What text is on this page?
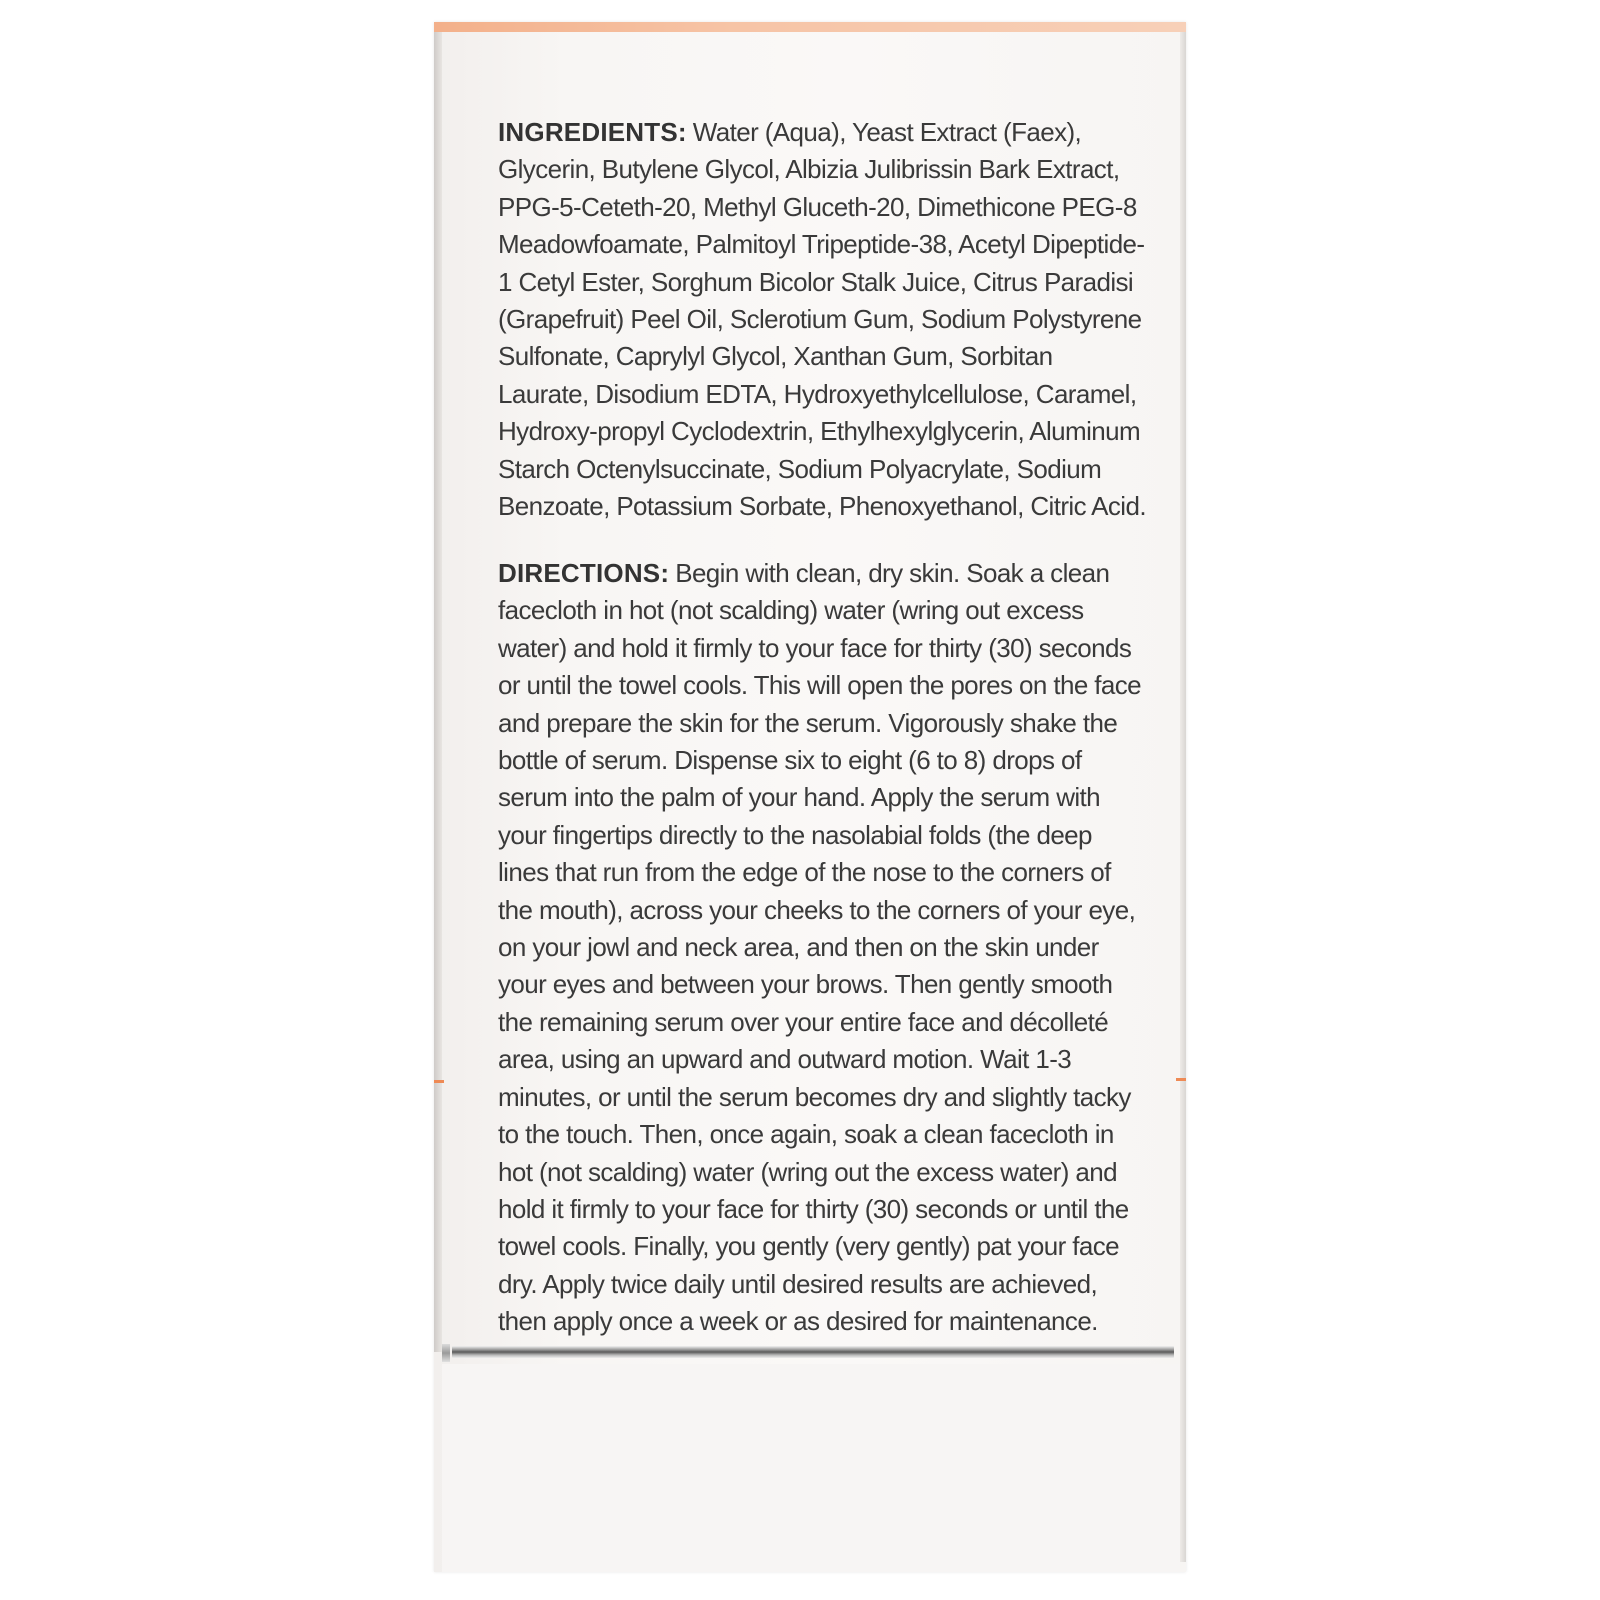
INGREDIENTS: Water (Aqua), Yeast Extract (Faex), Glycerin, Butylene Glycol, Albizia Julibrissin Bark Extract, PPG-5-Ceteth-20, Methyl Gluceth-20, Dimethicone PEG-8 Meadowfoamate, Palmitoyl Tripeptide-38, Acetyl Dipeptide-1 Cetyl Ester, Sorghum Bicolor Stalk Juice, Citrus Paradisi (Grapefruit) Peel Oil, Sclerotium Gum, Sodium Polystyrene Sulfonate, Caprylyl Glycol, Xanthan Gum, Sorbitan Laurate, Disodium EDTA, Hydroxyethylcellulose, Caramel, Hydroxy-propyl Cyclodextrin, Ethylhexylglycerin, Aluminum Starch Octenylsuccinate, Sodium Polyacrylate, Sodium Benzoate, Potassium Sorbate, Phenoxyethanol, Citric Acid.
DIRECTIONS: Begin with clean, dry skin. Soak a clean facecloth in hot (not scalding) water (wring out excess water) and hold it firmly to your face for thirty (30) seconds or until the towel cools. This will open the pores on the face and prepare the skin for the serum. Vigorously shake the bottle of serum. Dispense six to eight (6 to 8) drops of serum into the palm of your hand. Apply the serum with your fingertips directly to the nasolabial folds (the deep lines that run from the edge of the nose to the corners of the mouth), across your cheeks to the corners of your eye, on your jowl and neck area, and then on the skin under your eyes and between your brows. Then gently smooth the remaining serum over your entire face and décolleté area, using an upward and outward motion. Wait 1-3 minutes, or until the serum becomes dry and slightly tacky to the touch. Then, once again, soak a clean facecloth in hot (not scalding) water (wring out the excess water) and hold it firmly to your face for thirty (30) seconds or until the towel cools. Finally, you gently (very gently) pat your face dry. Apply twice daily until desired results are achieved, then apply once a week or as desired for maintenance.
